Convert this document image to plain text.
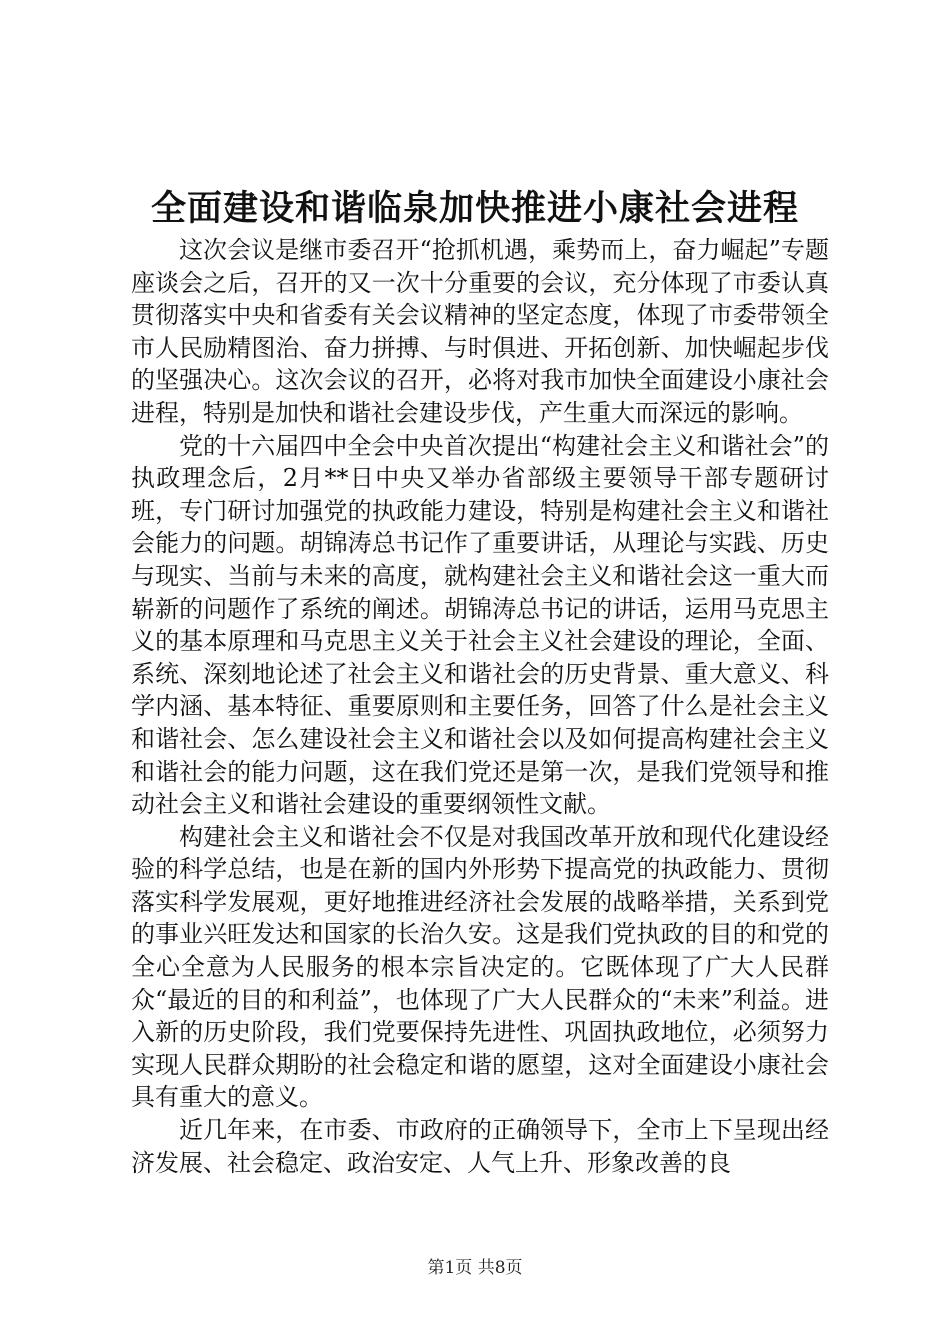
全面建设和谐临泉加快推进小康社会进程

这次会议是继市委召开“抢抓机遇，乘势而上，奋力崛起”专题座谈会之后，召开的又一次十分重要的会议，充分体现了市委认真贯彻落实中央和省委有关会议精神的坚定态度，体现了市委带领全市人民励精图治、奋力拼搏、与时俱进、开拓创新、加快崛起步伐的坚强决心。这次会议的召开，必将对我市加快全面建设小康社会进程，特别是加快和谐社会建设步伐，产生重大而深远的影响。

党的十六届四中全会中央首次提出“构建社会主义和谐社会”的执政理念后，2月**日中央又举办省部级主要领导干部专题研讨班，专门研讨加强党的执政能力建设，特别是构建社会主义和谐社会能力的问题。胡锦涛总书记作了重要讲话，从理论与实践、历史与现实、当前与未来的高度，就构建社会主义和谐社会这一重大而崭新的问题作了系统的阐述。胡锦涛总书记的讲话，运用马克思主义的基本原理和马克思主义关于社会主义社会建设的理论，全面、系统、深刻地论述了社会主义和谐社会的历史背景、重大意义、科学内涵、基本特征、重要原则和主要任务，回答了什么是社会主义和谐社会、怎么建设社会主义和谐社会以及如何提高构建社会主义和谐社会的能力问题，这在我们党还是第一次，是我们党领导和推动社会主义和谐社会建设的重要纲领性文献。

构建社会主义和谐社会不仅是对我国改革开放和现代化建设经验的科学总结，也是在新的国内外形势下提高党的执政能力、贯彻落实科学发展观，更好地推进经济社会发展的战略举措，关系到党的事业兴旺发达和国家的长治久安。这是我们党执政的目的和党的全心全意为人民服务的根本宗旨决定的。它既体现了广大人民群众“最近的目的和利益”，也体现了广大人民群众的“未来”利益。进入新的历史阶段，我们党要保持先进性、巩固执政地位，必须努力实现人民群众期盼的社会稳定和谐的愿望，这对全面建设小康社会具有重大的意义。

近几年来，在市委、市政府的正确领导下，全市上下呈现出经济发展、社会稳定、政治安定、人气上升、形象改善的良

第1页 共8页
